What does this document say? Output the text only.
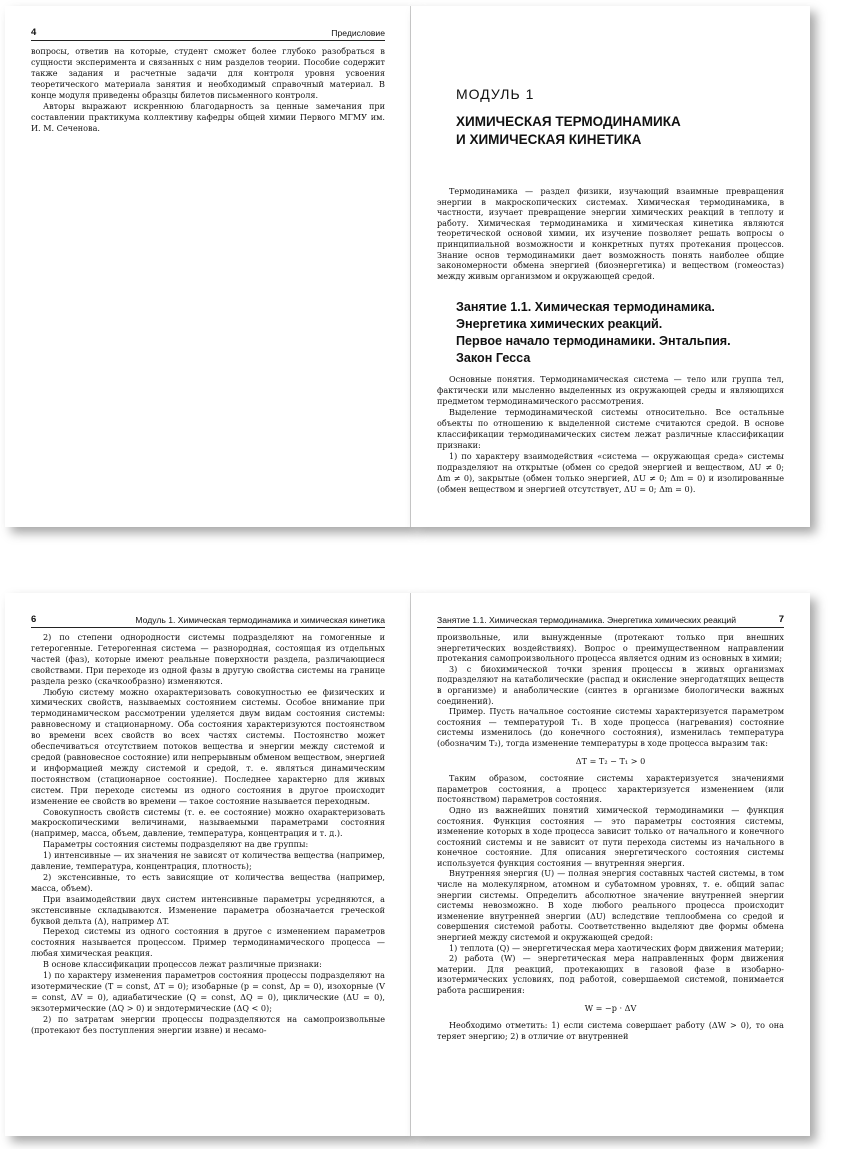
4	Предисловие

вопросы, ответив на которые, студент сможет более глубоко разобраться в сущности эксперимента и связанных с ним разделов теории. Пособие содержит также задания и расчетные задачи для контроля уровня усвоения теоретического материала занятия и необходимый справочный материал. В конце модуля приведены образцы билетов письменного контроля.

Авторы выражают искреннюю благодарность за ценные замечания при составлении практикума коллективу кафедры общей химии Первого МГМУ им. И. М. Сеченова.

МОДУЛЬ 1
ХИМИЧЕСКАЯ ТЕРМОДИНАМИКА
И ХИМИЧЕСКАЯ КИНЕТИКА

Термодинамика — раздел физики, изучающий взаимные превращения энергии в макроскопических системах. Химическая термодинамика, в частности, изучает превращение энергии химических реакций в теплоту и работу. Химическая термодинамика и химическая кинетика являются теоретической основой химии, их изучение позволяет решать вопросы о принципиальной возможности и конкретных путях протекания процессов. Знание основ термодинамики дает возможность понять наиболее общие закономерности обмена энергией (биоэнергетика) и веществом (гомеостаз) между живым организмом и окружающей средой.

Занятие 1.1. Химическая термодинамика.
Энергетика химических реакций.
Первое начало термодинамики. Энтальпия.
Закон Гесса

Основные понятия. Термодинамическая система — тело или группа тел, фактически или мысленно выделенных из окружающей среды и являющихся предметом термодинамического рассмотрения.

Выделение термодинамической системы относительно. Все остальные объекты по отношению к выделенной системе считаются средой. В основе классификации термодинамических систем лежат различные классификации признаки:

1) по характеру взаимодействия «система — окружающая среда» системы подразделяют на открытые (обмен со средой энергией и веществом, ΔU ≠ 0; Δm ≠ 0), закрытые (обмен только энергией, ΔU ≠ 0; Δm = 0) и изолированные (обмен веществом и энергией отсутствует, ΔU = 0; Δm = 0).

6	Модуль 1. Химическая термодинамика и химическая кинетика

2) по степени однородности системы подразделяют на гомогенные и гетерогенные. Гетерогенная система — разнородная, состоящая из отдельных частей (фаз), которые имеют реальные поверхности раздела, различающиеся свойствами. При переходе из одной фазы в другую свойства системы на границе раздела резко (скачкообразно) изменяются.

Любую систему можно охарактеризовать совокупностью ее физических и химических свойств, называемых состоянием системы. Особое внимание при термодинамическом рассмотрении уделяется двум видам состояния системы: равновесному и стационарному. Оба состояния характеризуются постоянством во времени всех свойств во всех частях системы. Постоянство может обеспечиваться отсутствием потоков вещества и энергии между системой и средой (равновесное состояние) или непрерывным обменом веществом, энергией и информацией между системой и средой, т. е. являться динамическим постоянством (стационарное состояние). Последнее характерно для живых систем. При переходе системы из одного состояния в другое происходит изменение ее свойств во времени — такое состояние называется переходным.

Совокупность свойств системы (т. е. ее состояние) можно охарактеризовать макроскопическими величинами, называемыми параметрами состояния (например, масса, объем, давление, температура, концентрация и т. д.).

Параметры состояния системы подразделяют на две группы:

1) интенсивные — их значения не зависят от количества вещества (например, давление, температура, концентрация, плотность);

2) экстенсивные, то есть зависящие от количества вещества (например, масса, объем).

При взаимодействии двух систем интенсивные параметры усредняются, а экстенсивные складываются. Изменение параметра обозначается греческой буквой дельта (Δ), например ΔT.

Переход системы из одного состояния в другое с изменением параметров состояния называется процессом. Пример термодинамического процесса — любая химическая реакция.

В основе классификации процессов лежат различные признаки:

1) по характеру изменения параметров состояния процессы подразделяют на изотермические (T = const, ΔT = 0); изобарные (p = const, Δp = 0), изохорные (V = const, ΔV = 0), адиабатические (Q = const, ΔQ = 0), циклические (ΔU = 0), экзотермические (ΔQ > 0) и эндотермические (ΔQ < 0);

2) по затратам энергии процессы подразделяются на самопроизвольные (протекают без поступления энергии извне) и несамо-

Занятие 1.1. Химическая термодинамика. Энергетика химических реакций	7

произвольные, или вынужденные (протекают только при внешних энергетических воздействиях). Вопрос о преимущественном направлении протекания самопроизвольного процесса является одним из основных в химии;

3) с биохимической точки зрения процессы в живых организмах подразделяют на катаболические (распад и окисление энергодатящих веществ в организме) и анаболические (синтез в организме биологически важных соединений).

Пример. Пусть начальное состояние системы характеризуется параметром состояния — температурой T₁. В ходе процесса (нагревания) состояние системы изменилось (до конечного состояния), изменилась температура (обозначим T₂), тогда изменение температуры в ходе процесса выразим так:

ΔT = T₂ − T₁ > 0

Таким образом, состояние системы характеризуется значениями параметров состояния, а процесс характеризуется изменением (или постоянством) параметров состояния.

Одно из важнейших понятий химической термодинамики — функция состояния. Функция состояния — это параметры состояния системы, изменение которых в ходе процесса зависит только от начального и конечного состояний системы и не зависит от пути перехода системы из начального в конечное состояние. Для описания энергетического состояния системы используется функция состояния — внутренняя энергия.

Внутренняя энергия (U) — полная энергия составных частей системы, в том числе на молекулярном, атомном и субатомном уровнях, т. е. общий запас энергии системы. Определить абсолютное значение внутренней энергии системы невозможно. В ходе любого реального процесса происходит изменение внутренней энергии (ΔU) вследствие теплообмена со средой и совершения системой работы. Соответственно выделяют две формы обмена энергией между системой и окружающей средой:

1) теплота (Q) — энергетическая мера хаотических форм движения материи;

2) работа (W) — энергетическая мера направленных форм движения материи. Для реакций, протекающих в газовой фазе в изобарно-изотермических условиях, под работой, совершаемой системой, понимается работа расширения:

W = −p · ΔV

Необходимо отметить: 1) если система совершает работу (ΔW > 0), то она теряет энергию; 2) в отличие от внутренней
